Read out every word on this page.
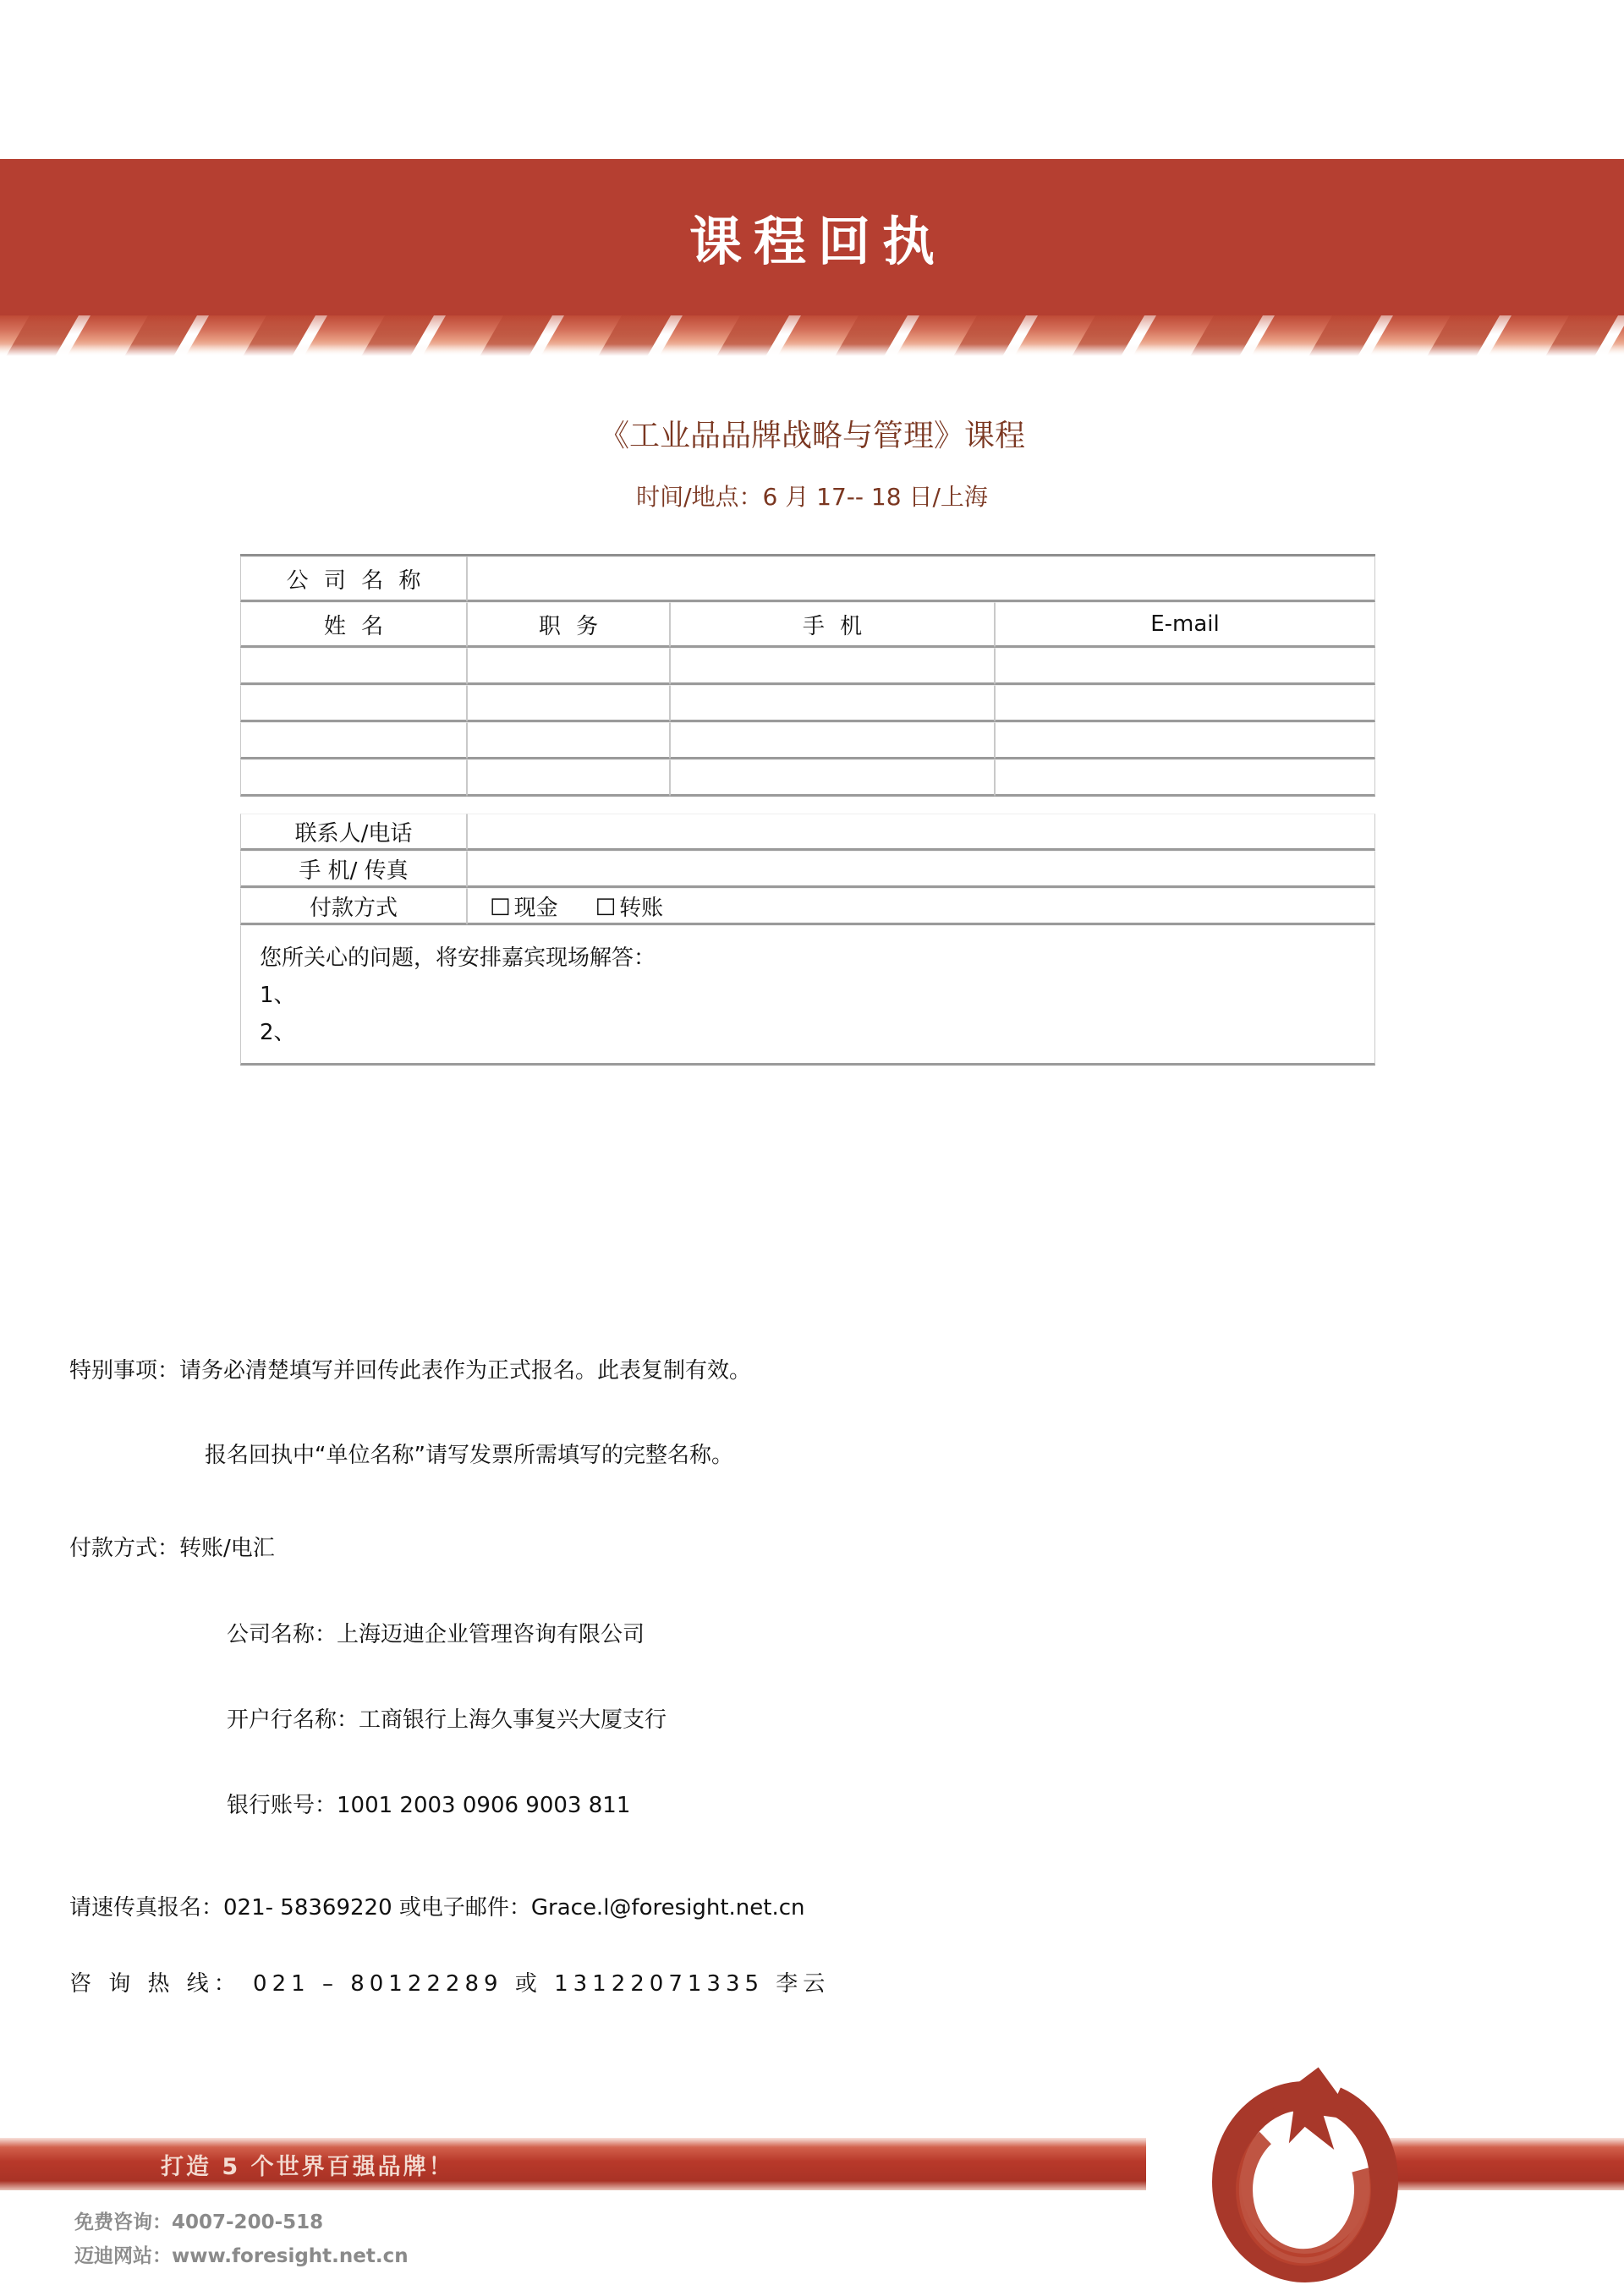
课程回执
《工业品品牌战略与管理》课程
时间/地点：6 月 17-- 18 日/上海
公 司 名 称
姓 名	职 务	手 机	E-mail
联系人/电话
手 机/ 传真
付款方式	□ 现金 □ 转账
您所关心的问题，将安排嘉宾现场解答：
1、
2、
特别事项：请务必清楚填写并回传此表作为正式报名。此表复制有效。
报名回执中“单位名称”请写发票所需填写的完整名称。
付款方式：转账/电汇
公司名称：上海迈迪企业管理咨询有限公司
开户行名称：工商银行上海久事复兴大厦支行
银行账号：1001 2003 0906 9003 811
请速传真报名：021- 58369220 或电子邮件：Grace.l@foresight.net.cn
咨 询 热 线： 021 – 80122289 或 13122071335 李云
打造 5 个世界百强品牌！
免费咨询：4007-200-518
迈迪网站：www.foresight.net.cn
